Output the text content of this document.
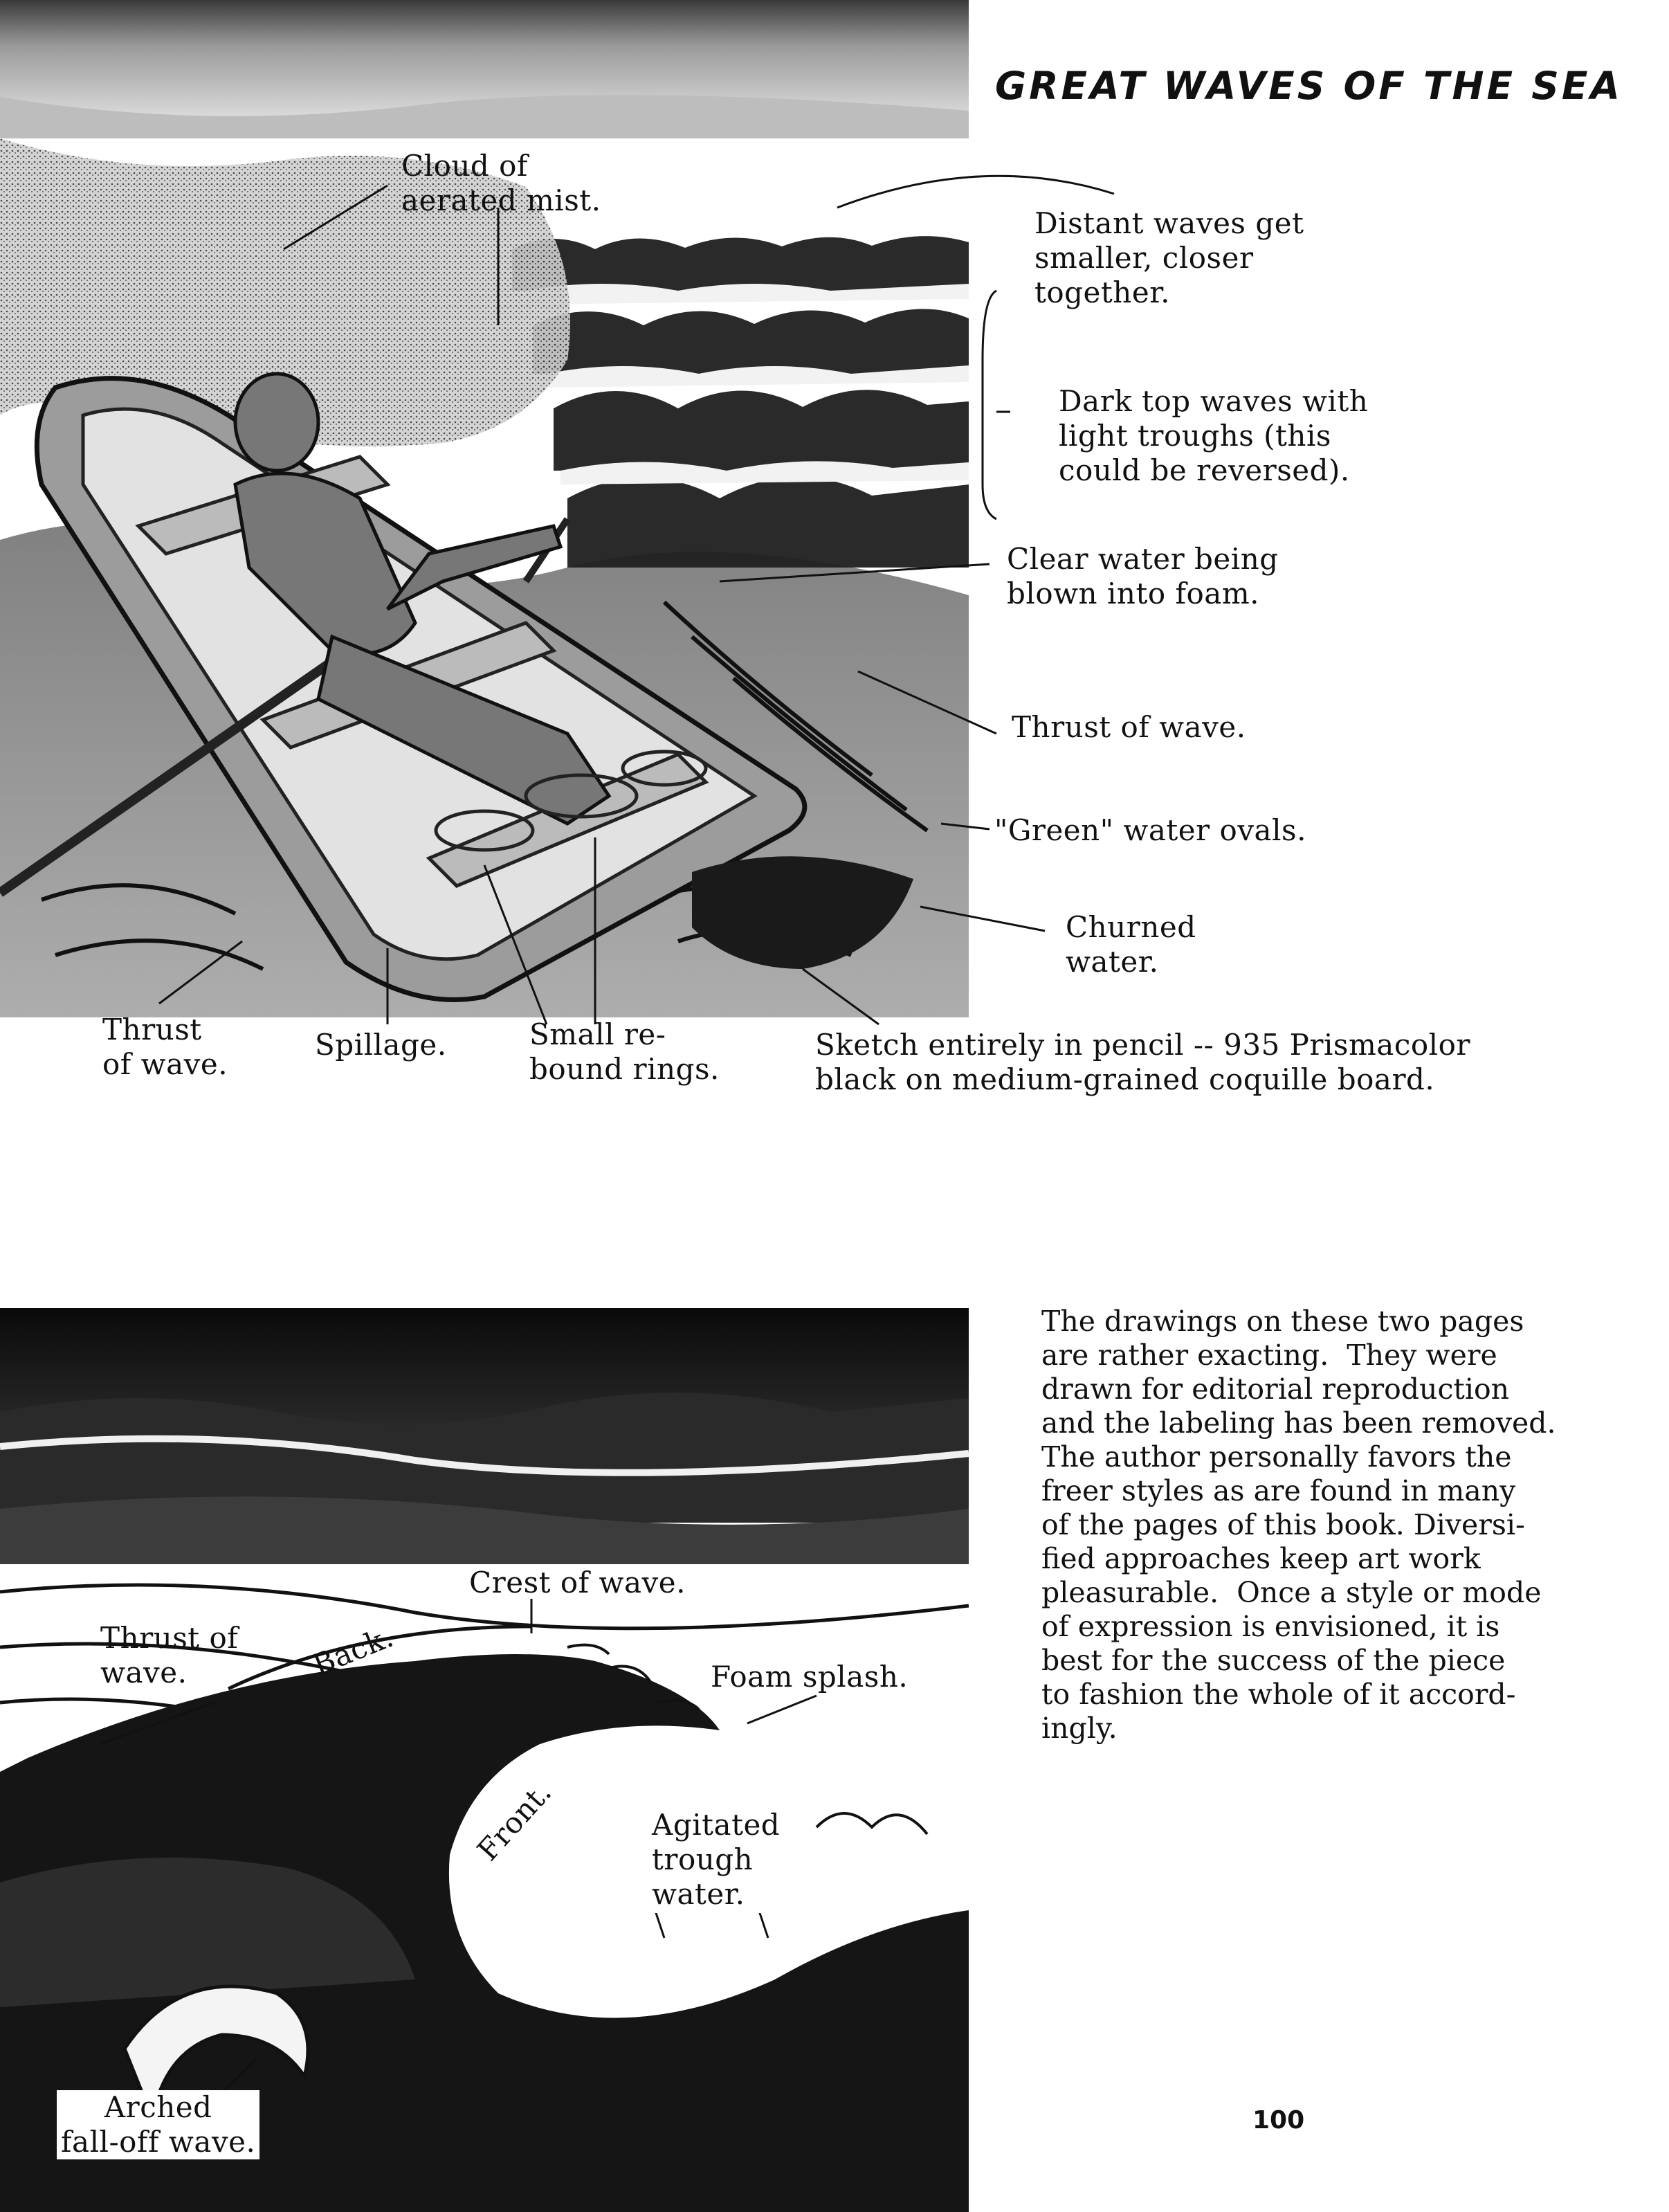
GREAT WAVES OF THE SEA
Cloud of
aerated mist.
Distant waves get
smaller, closer
together.
Dark top waves with
light troughs (this
could be reversed).
Clear water being
blown into foam.
Thrust of wave.
"Green" water ovals.
Churned
water.
Thrust
of wave.
Spillage.	Small re-
bound rings.
Sketch entirely in pencil -- 935 Prismacolor
black on medium-grained coquille board.
Crest of wave.
Thrust of
wave.	Back.	Foam splash.
Front.	Agitated
trough
water.
Arched
fall-off wave.
The drawings on these two pages
are rather exacting.  They were
drawn for editorial reproduction
and the labeling has been removed.
The author personally favors the
freer styles as are found in many
of the pages of this book. Diversi-
fied approaches keep art work
pleasurable.  Once a style or mode
of expression is envisioned, it is
best for the success of the piece
to fashion the whole of it accord-
ingly.
100
